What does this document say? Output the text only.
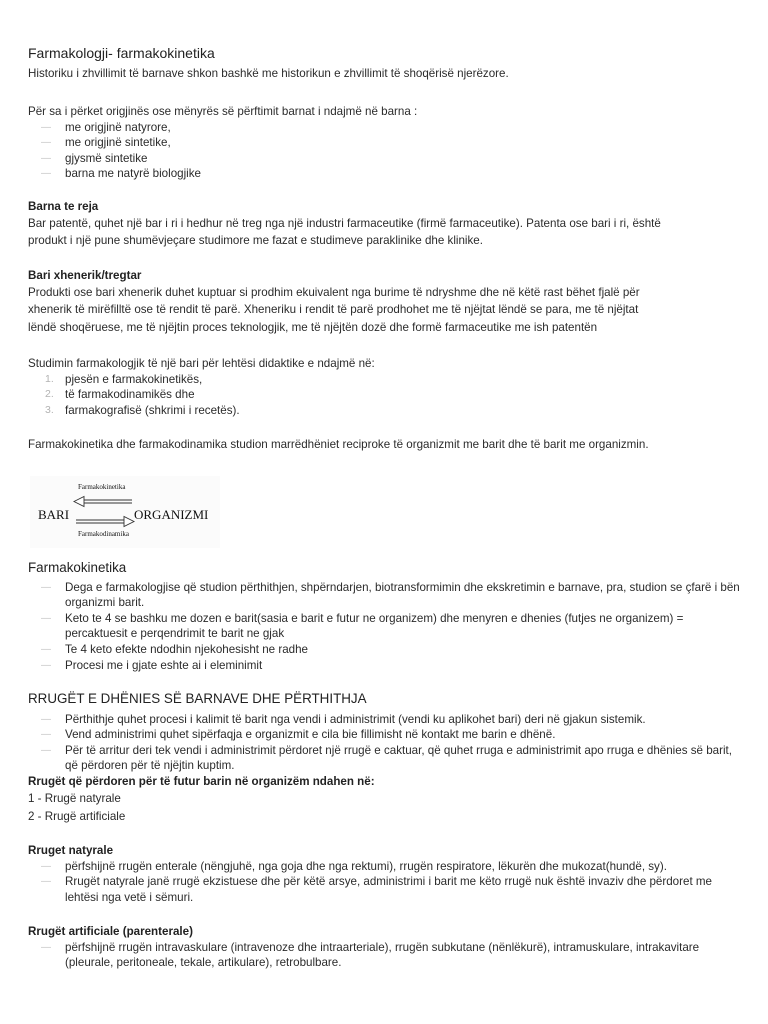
Farmakologji- farmakokinetika

Historiku i zhvillimit të barnave shkon bashkë me historikun e zhvillimit të shoqërisë njerëzore.

Për sa i përket origjinës ose mënyrës së përftimit barnat i ndajmë në barna :

— me origjinë natyrore,
— me origjinë sintetike,
— gjysmë sintetike
— barna me natyrë biologjike

Barna te reja

Bar patentë, quhet një bar i ri i hedhur në treg nga një industri farmaceutike (firmë farmaceutike). Patenta ose bari i ri, është

produkt i një pune shumëvjeçare studimore me fazat e studimeve paraklinike dhe klinike.

Bari xhenerik/tregtar

Produkti ose bari xhenerik duhet kuptuar si prodhim ekuivalent nga burime të ndryshme dhe në këtë rast bëhet fjalë për

xhenerik të mirëfilltë ose të rendit të parë. Xheneriku i rendit të parë prodhohet me të njëjtat lëndë se para, me të njëjtat

lëndë shoqëruese, me të njëjtin proces teknologjik, me të njëjtën dozë dhe formë farmaceutike me ish patentën

Studimin farmakologjik të një bari për lehtësi didaktike e ndajmë në:

1. pjesën e farmakokinetikës,
2. të farmakodinamikës dhe
3. farmakografisë (shkrimi i recetës).

Farmakokinetika dhe farmakodinamika studion marrëdhëniet reciproke të organizmit me barit dhe të barit me organizmin.

Farmakokinetika
BARI	ORGANIZMI
Farmakodinamika

Farmakokinetika

— Dega e farmakologjise që studion përthithjen, shpërndarjen, biotransformimin dhe ekskretimin e barnave, pra, studion se çfarë i bën organizmi barit.
— Keto te 4 se bashku me dozen e barit(sasia e barit e futur ne organizem) dhe menyren e dhenies (futjes ne organizem) = percaktuesit e perqendrimit te barit ne gjak
— Te 4 keto efekte ndodhin njekohesisht ne radhe
— Procesi me i gjate eshte ai i eleminimit

RRUGËT E DHËNIES SË BARNAVE DHE PËRTHITHJA

— Përthithje quhet procesi i kalimit të barit nga vendi i administrimit (vendi ku aplikohet bari) deri në gjakun sistemik.
— Vend administrimi quhet sipërfaqja e organizmit e cila bie fillimisht në kontakt me barin e dhënë.
— Për të arritur deri tek vendi i administrimit përdoret një rrugë e caktuar, që quhet rruga e administrimit apo rruga e dhënies së barit, që përdoren për të njëjtin kuptim.

Rrugët që përdoren për të futur barin në organizëm ndahen në:

1 - Rrugë natyrale

2 - Rrugë artificiale

Rruget natyrale

— përfshijnë rrugën enterale (nëngjuhë, nga goja dhe nga rektumi), rrugën respiratore, lëkurën dhe mukozat(hundë, sy).
— Rrugët natyrale janë rrugë ekzistuese dhe për këtë arsye, administrimi i barit me këto rrugë nuk është invaziv dhe përdoret me lehtësi nga vetë i sëmuri.

Rrugët artificiale (parenterale)

— përfshijnë rrugën intravaskulare (intravenoze dhe intraarteriale), rrugën subkutane (nënlëkurë), intramuskulare, intrakavitare (pleurale, peritoneale, tekale, artikulare), retrobulbare.
